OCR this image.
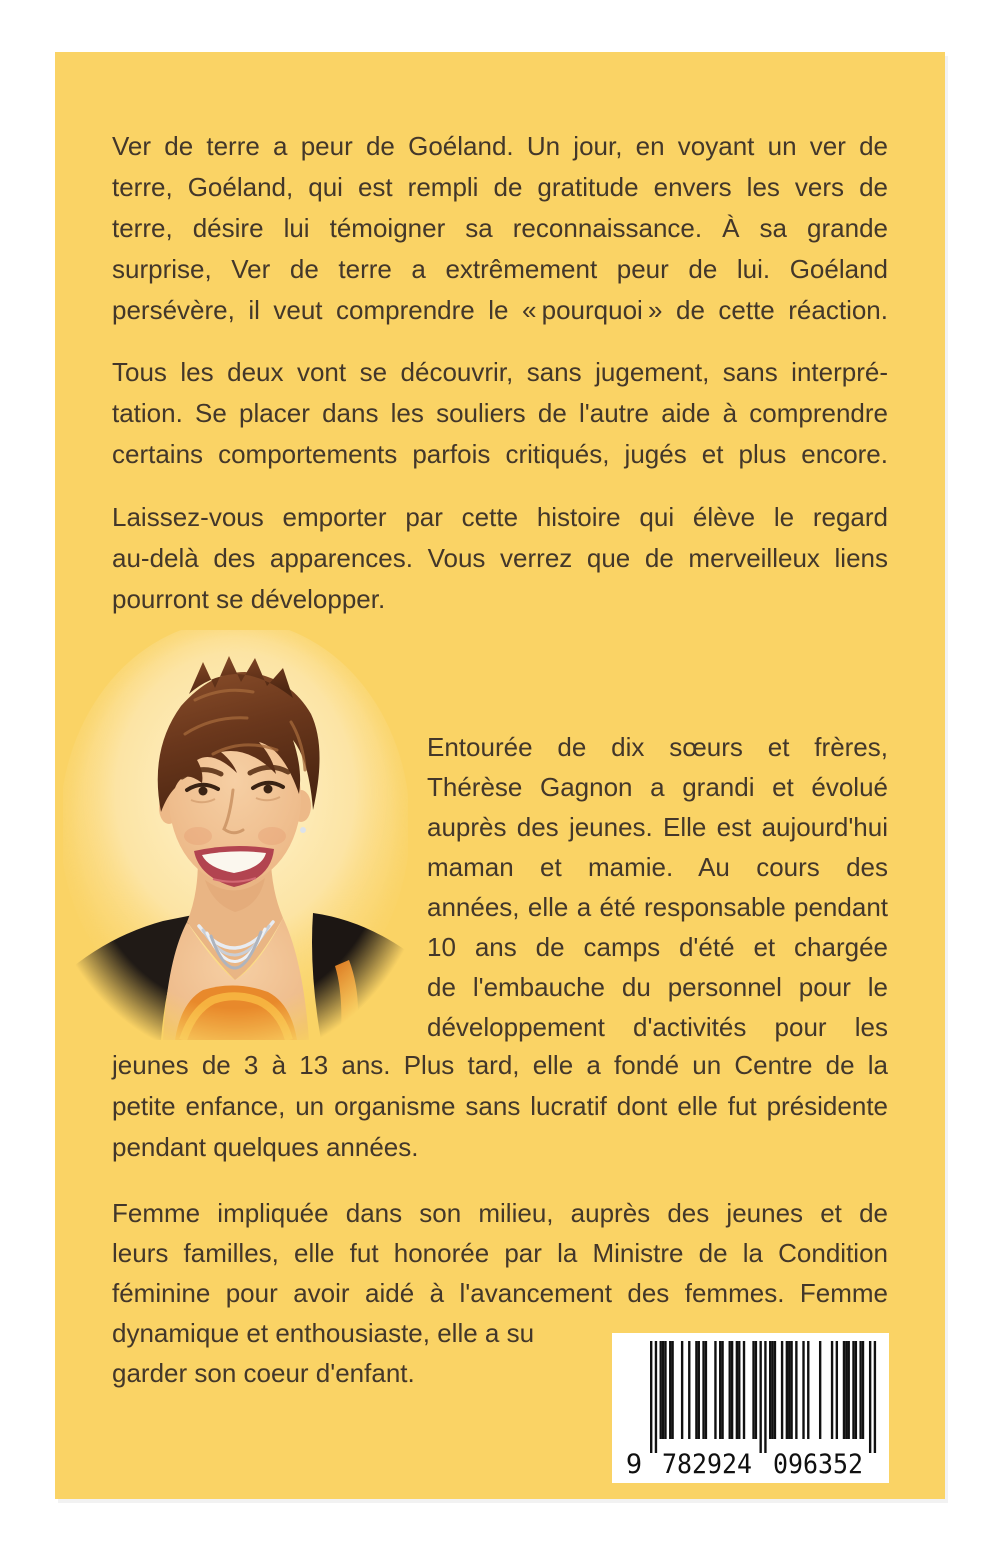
Ver de terre a peur de Goéland. Un jour, en voyant un ver de
terre, Goéland, qui est rempli de gratitude envers les vers de
terre, désire lui témoigner sa reconnaissance. À sa grande
surprise, Ver de terre a extrêmement peur de lui. Goéland
persévère, il veut comprendre le « pourquoi » de cette réaction.
Tous les deux vont se découvrir, sans jugement, sans interpré-
tation. Se placer dans les souliers de l'autre aide à comprendre
certains comportements parfois critiqués, jugés et plus encore.
Laissez-vous emporter par cette histoire qui élève le regard
au-delà des apparences. Vous verrez que de merveilleux liens
pourront se développer.
Entourée de dix sœurs et frères,
Thérèse Gagnon a grandi et évolué
auprès des jeunes. Elle est aujourd'hui
maman et mamie. Au cours des
années, elle a été responsable pendant
10 ans de camps d'été et chargée
de l'embauche du personnel pour le
développement d'activités pour les
jeunes de 3 à 13 ans. Plus tard, elle a fondé un Centre de la
petite enfance, un organisme sans lucratif dont elle fut présidente
pendant quelques années.
Femme impliquée dans son milieu, auprès des jeunes et de
leurs familles, elle fut honorée par la Ministre de la Condition
féminine pour avoir aidé à l'avancement des femmes. Femme
dynamique et enthousiaste, elle a su
garder son coeur d'enfant.
9 782924 096352
